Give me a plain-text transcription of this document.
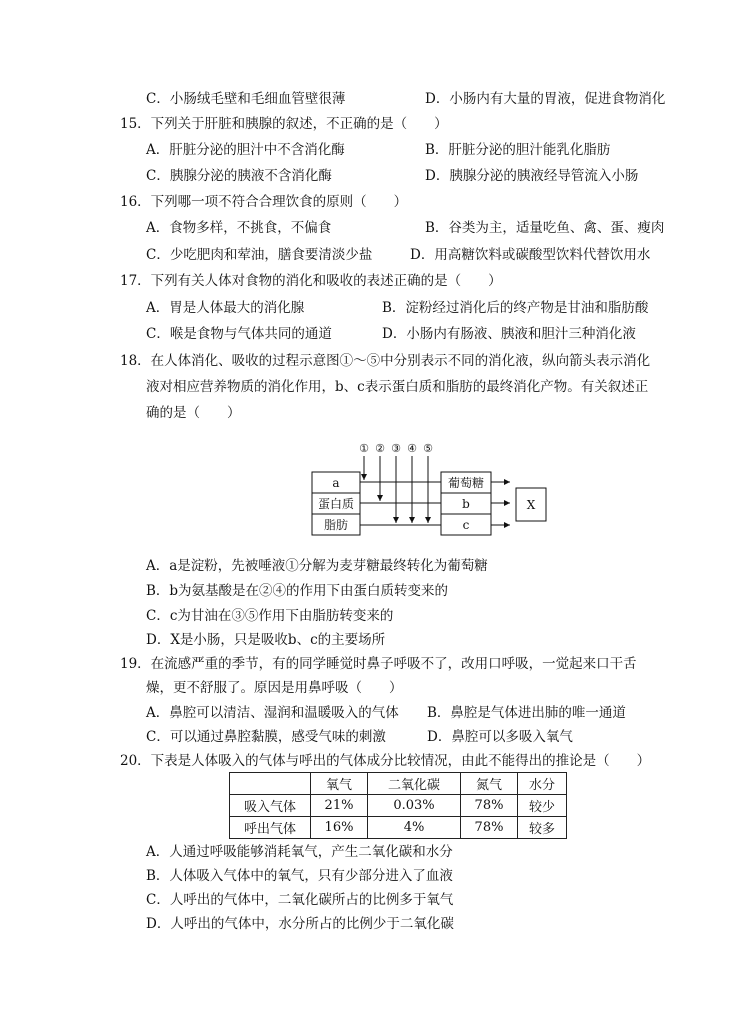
C．小肠绒毛壁和毛细血管壁很薄	D．小肠内有大量的胃液，促进食物消化
15．下列关于肝脏和胰腺的叙述，不正确的是（　　）
A．肝脏分泌的胆汁中不含消化酶	B．肝脏分泌的胆汁能乳化脂肪
C．胰腺分泌的胰液不含消化酶	D．胰腺分泌的胰液经导管流入小肠
16．下列哪一项不符合合理饮食的原则（　　）
A．食物多样，不挑食，不偏食	B．谷类为主，适量吃鱼、禽、蛋、瘦肉
C．少吃肥肉和荤油，膳食要清淡少盐	D．用高糖饮料或碳酸型饮料代替饮用水
17．下列有关人体对食物的消化和吸收的表述正确的是（　　）
A．胃是人体最大的消化腺	B．淀粉经过消化后的终产物是甘油和脂肪酸
C．喉是食物与气体共同的通道	D．小肠内有肠液、胰液和胆汁三种消化液
18．在人体消化、吸收的过程示意图①～⑤中分别表示不同的消化液，纵向箭头表示消化
液对相应营养物质的消化作用，b、c表示蛋白质和脂肪的最终消化产物。有关叙述正
确的是（　　）
① ② ③ ④ ⑤
a
蛋白质
脂肪
葡萄糖
b
c
X
A．a是淀粉，先被唾液①分解为麦芽糖最终转化为葡萄糖
B．b为氨基酸是在②④的作用下由蛋白质转变来的
C．c为甘油在③⑤作用下由脂肪转变来的
D．X是小肠，只是吸收b、c的主要场所
19．在流感严重的季节，有的同学睡觉时鼻子呼吸不了，改用口呼吸，一觉起来口干舌
燥，更不舒服了。原因是用鼻呼吸（　　）
A．鼻腔可以清洁、湿润和温暖吸入的气体 B．鼻腔是气体进出肺的唯一通道
C．可以通过鼻腔黏膜，感受气味的刺激	D．鼻腔可以多吸入氧气
20．下表是人体吸入的气体与呼出的气体成分比较情况，由此不能得出的推论是（　　）
	氧气	二氧化碳	氮气	水分
吸入气体	21%	0.03%	78%	较少
呼出气体	16%	4%	78%	较多
A．人通过呼吸能够消耗氧气，产生二氧化碳和水分
B．人体吸入气体中的氧气，只有少部分进入了血液
C．人呼出的气体中，二氧化碳所占的比例多于氧气
D．人呼出的气体中，水分所占的比例少于二氧化碳
